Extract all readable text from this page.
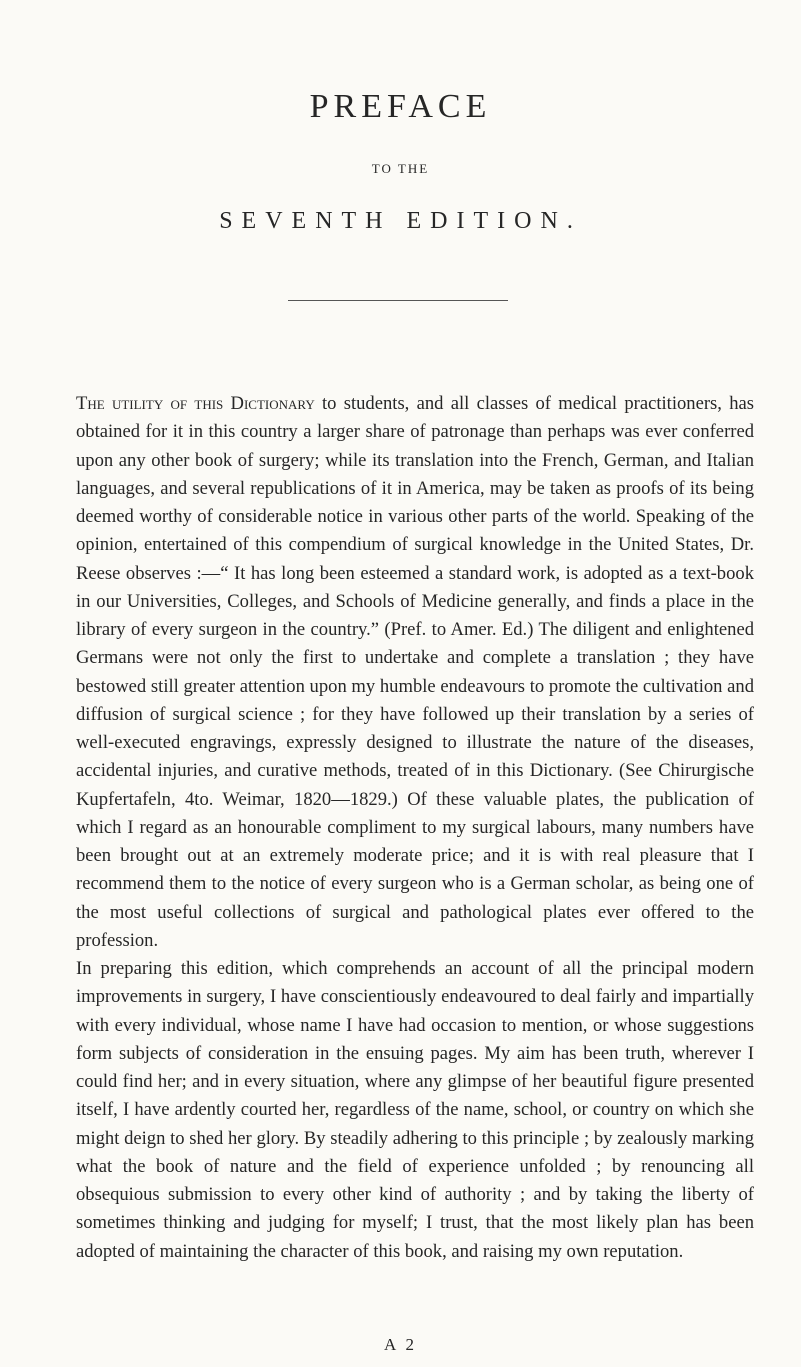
PREFACE
TO THE
SEVENTH EDITION.

The utility of this Dictionary to students, and all classes of medical practitioners, has obtained for it in this country a larger share of patronage than perhaps was ever conferred upon any other book of surgery; while its translation into the French, German, and Italian languages, and several republications of it in America, may be taken as proofs of its being deemed worthy of considerable notice in various other parts of the world. Speaking of the opinion, entertained of this compendium of surgical knowledge in the United States, Dr. Reese observes :—“ It has long been esteemed a standard work, is adopted as a text-book in our Universities, Colleges, and Schools of Medicine generally, and finds a place in the library of every surgeon in the country.” (Pref. to Amer. Ed.) The diligent and enlightened Germans were not only the first to undertake and complete a translation ; they have bestowed still greater attention upon my humble endeavours to promote the cultivation and diffusion of surgical science ; for they have followed up their translation by a series of well-executed engravings, expressly designed to illustrate the nature of the diseases, accidental injuries, and curative methods, treated of in this Dictionary. (See Chirurgische Kupfertafeln, 4to. Weimar, 1820—1829.) Of these valuable plates, the publication of which I regard as an honourable compliment to my surgical labours, many numbers have been brought out at an extremely moderate price; and it is with real pleasure that I recommend them to the notice of every surgeon who is a German scholar, as being one of the most useful collections of surgical and pathological plates ever offered to the profession.

In preparing this edition, which comprehends an account of all the principal modern improvements in surgery, I have conscientiously endeavoured to deal fairly and impartially with every individual, whose name I have had occasion to mention, or whose suggestions form subjects of consideration in the ensuing pages. My aim has been truth, wherever I could find her; and in every situation, where any glimpse of her beautiful figure presented itself, I have ardently courted her, regardless of the name, school, or country on which she might deign to shed her glory. By steadily adhering to this principle ; by zealously marking what the book of nature and the field of experience unfolded ; by renouncing all obsequious submission to every other kind of authority ; and by taking the liberty of sometimes thinking and judging for myself; I trust, that the most likely plan has been adopted of maintaining the character of this book, and raising my own reputation.

A 2
